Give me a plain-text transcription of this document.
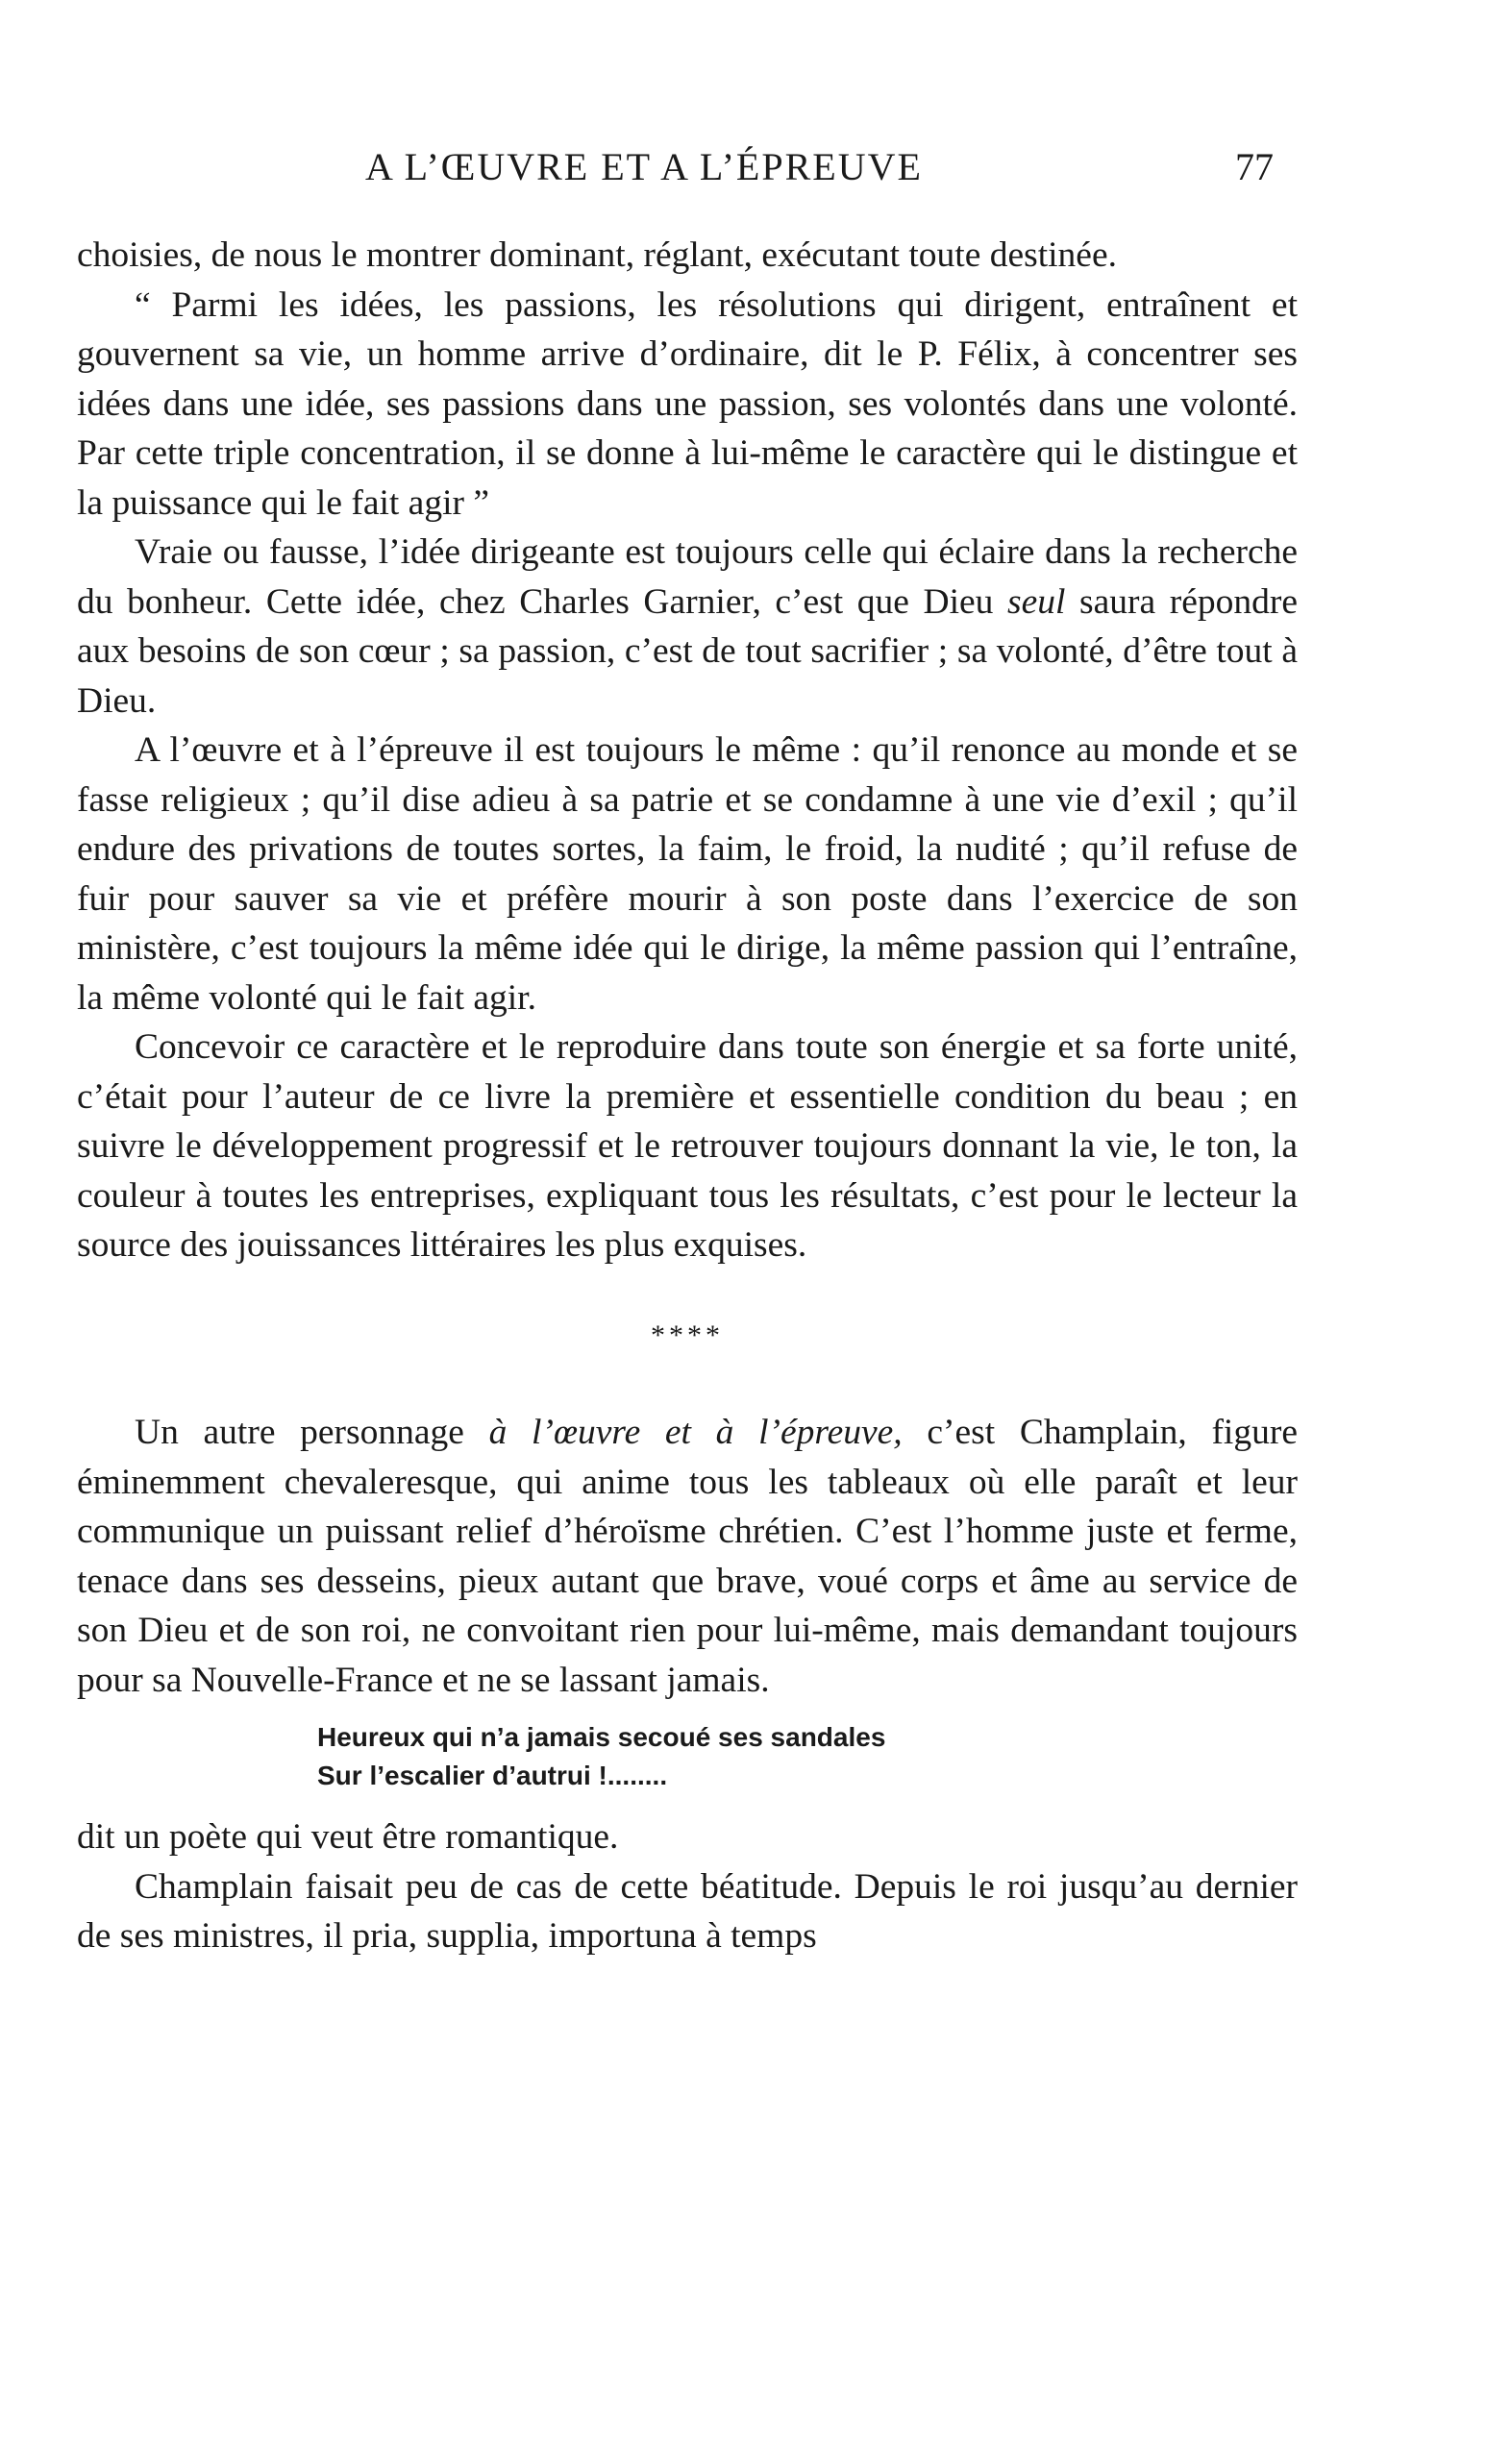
A L’ŒUVRE ET A L’ÉPREUVE	77

choisies, de nous le montrer dominant, réglant, exécutant toute destinée.

“ Parmi les idées, les passions, les résolutions qui dirigent, entraînent et gouvernent sa vie, un homme arrive d’ordinaire, dit le P. Félix, à concentrer ses idées dans une idée, ses passions dans une passion, ses volontés dans une volonté. Par cette triple concentration, il se donne à lui-même le caractère qui le distingue et la puissance qui le fait agir ”

Vraie ou fausse, l’idée dirigeante est toujours celle qui éclaire dans la recherche du bonheur. Cette idée, chez Charles Garnier, c’est que Dieu seul saura répondre aux besoins de son cœur ; sa passion, c’est de tout sacrifier ; sa volonté, d’être tout à Dieu.

A l’œuvre et à l’épreuve il est toujours le même : qu’il renonce au monde et se fasse religieux ; qu’il dise adieu à sa patrie et se condamne à une vie d’exil ; qu’il endure des privations de toutes sortes, la faim, le froid, la nudité ; qu’il refuse de fuir pour sauver sa vie et préfère mourir à son poste dans l’exercice de son ministère, c’est toujours la même idée qui le dirige, la même passion qui l’entraîne, la même volonté qui le fait agir.

Concevoir ce caractère et le reproduire dans toute son énergie et sa forte unité, c’était pour l’auteur de ce livre la première et essentielle condition du beau ; en suivre le développement progressif et le retrouver toujours donnant la vie, le ton, la couleur à toutes les entreprises, expliquant tous les résultats, c’est pour le lecteur la source des jouissances littéraires les plus exquises.

****

Un autre personnage à l’œuvre et à l’épreuve, c’est Champlain, figure éminemment chevaleresque, qui anime tous les tableaux où elle paraît et leur communique un puissant relief d’héroïsme chrétien. C’est l’homme juste et ferme, tenace dans ses desseins, pieux autant que brave, voué corps et âme au service de son Dieu et de son roi, ne convoitant rien pour lui-même, mais demandant toujours pour sa Nouvelle-France et ne se lassant jamais.

Heureux qui n’a jamais secoué ses sandales
Sur l’escalier d’autrui !........

dit un poète qui veut être romantique.

Champlain faisait peu de cas de cette béatitude. Depuis le roi jusqu’au dernier de ses ministres, il pria, supplia, importuna à temps
